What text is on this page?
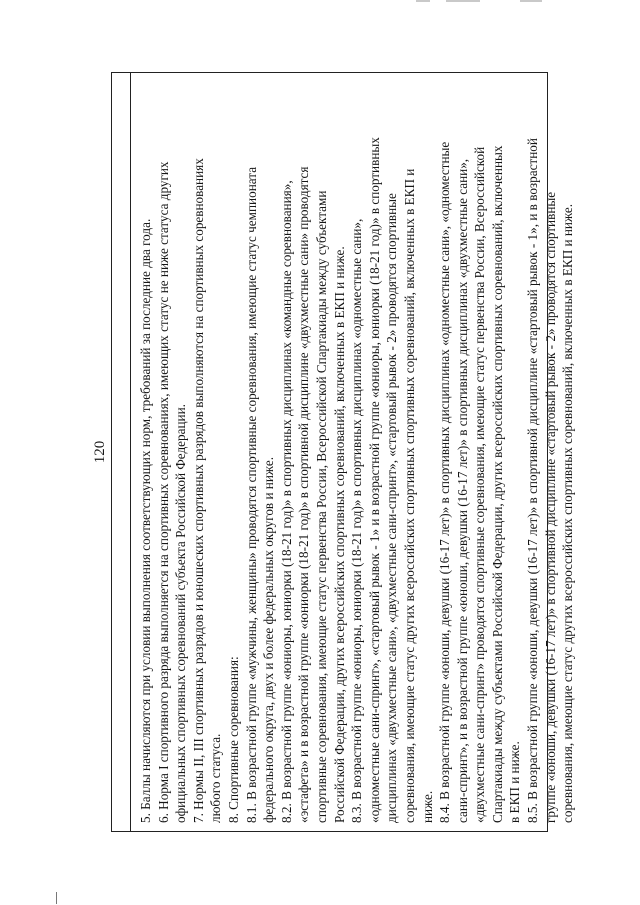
120 5. Баллы начисляются при условии выполнения соответствующих норм, требований за последние два года. 6. Норма I спортивного разряда выполняется на спортивных соревнованиях, имеющих статус не ниже статуса других официальных спортивных соревнований субъекта Российской Федерации. 7. Нормы II, III спортивных разрядов и юношеских спортивных разрядов выполняются на спортивных соревнованиях любого статуса. 8. Спортивные соревнования: 8.1. В возрастной группе «мужчины, женщины» проводятся спортивные соревнования, имеющие статус чемпионата федерального округа, двух и более федеральных округов и ниже. 8.2. В возрастной группе «юниоры, юниорки (18-21 год)» в спортивных дисциплинах «командные соревнования», «эстафета» и в возрастной группе «юниорки (18-21 год)» в спортивной дисциплине «двухместные сани» проводятся спортивные соревнования, имеющие статус первенства России, Всероссийской Спартакиады между субъектами Российской Федерации, других всероссийских спортивных соревнований, включенных в ЕКП и ниже. 8.3. В возрастной группе «юниоры, юниорки (18-21 год)» в спортивных дисциплинах «одноместные сани», «одноместные сани-спринт», «стартовый рывок - 1» и в возрастной группе «юниоры, юниорки (18-21 год)» в спортивных дисциплинах «двухместные сани», «двухместные сани-спринт», «стартовый рывок - 2» проводятся спортивные соревнования, имеющие статус других всероссийских спортивных спортивных соревнований, включенных в ЕКП и ниже. 8.4. В возрастной группе «юноши, девушки (16-17 лет)» в спортивных дисциплинах «одноместные сани», «одноместные сани-спринт», и в возрастной группе «юноши, девушки (16-17 лет)» в спортивных дисциплинах «двухместные сани», «двухместные сани-спринт» проводятся спортивные соревнования, имеющие статус первенства России, Всероссийской Спартакиады между субъектами Российской Федерации, других всероссийских спортивных соревнований, включенных в ЕКП и ниже. 8.5. В возрастной группе «юноши, девушки (16-17 лет)» в спортивной дисциплине «стартовый рывок - 1», и в возрастной группе «юноши, девушки (16-17 лет)» в спортивной дисциплине «стартовый рывок - 2» проводятся спортивные соревнования, имеющие статус других всероссийских спортивных соревнований, включенных в ЕКП и ниже.
